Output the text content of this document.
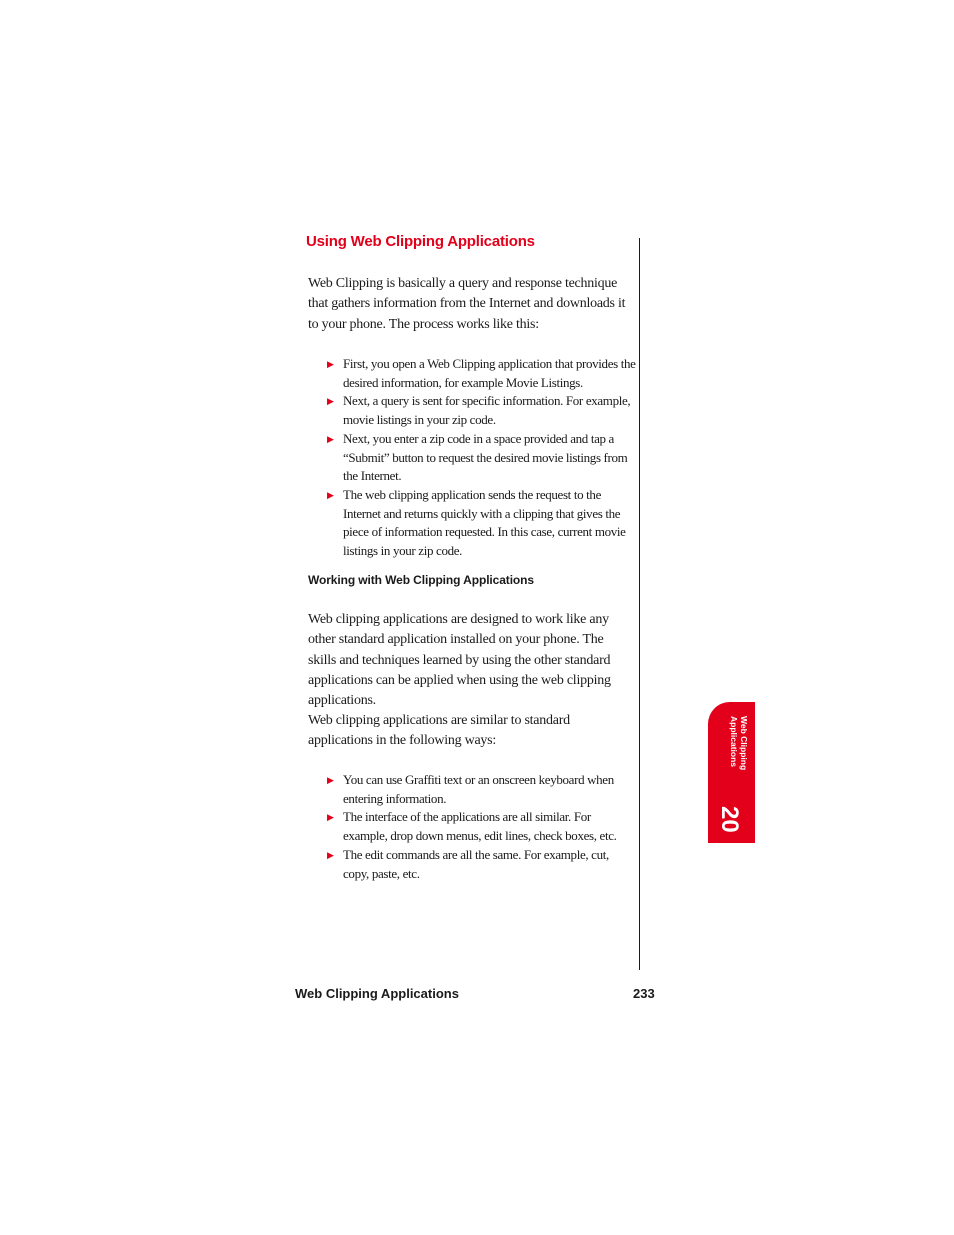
Using Web Clipping Applications

Web Clipping is basically a query and response technique that gathers information from the Internet and downloads it to your phone. The process works like this:

▶ First, you open a Web Clipping application that provides the desired information, for example Movie Listings.
▶ Next, a query is sent for specific information. For example, movie listings in your zip code.
▶ Next, you enter a zip code in a space provided and tap a “Submit” button to request the desired movie listings from the Internet.
▶ The web clipping application sends the request to the Internet and returns quickly with a clipping that gives the piece of information requested. In this case, current movie listings in your zip code.
Working with Web Clipping Applications

Web clipping applications are designed to work like any other standard application installed on your phone. The skills and techniques learned by using the other standard applications can be applied when using the web clipping applications.

Web clipping applications are similar to standard applications in the following ways:

▶ You can use Graffiti text or an onscreen keyboard when entering information.
▶ The interface of the applications are all similar. For example, drop down menus, edit lines, check boxes, etc.
▶ The edit commands are all the same. For example, cut, copy, paste, etc.
Web Clipping
Applications
20

Web Clipping Applications	233
